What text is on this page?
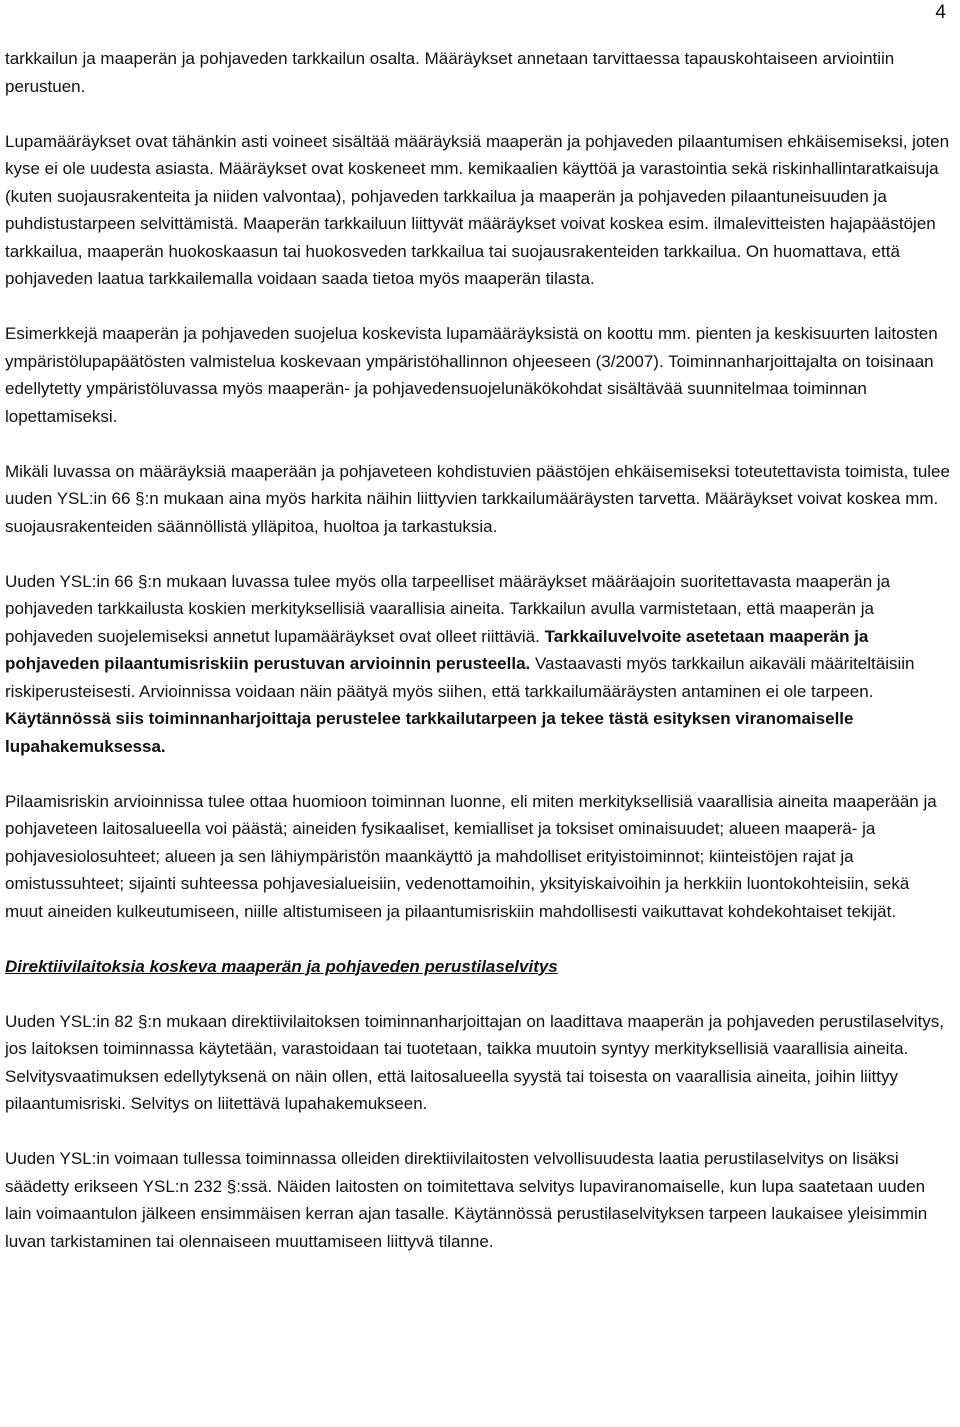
4

tarkkailun ja maaperän ja pohjaveden tarkkailun osalta. Määräykset annetaan tarvittaessa tapauskohtaiseen arviointiin perustuen.

Lupamääräykset ovat tähänkin asti voineet sisältää määräyksiä maaperän ja pohjaveden pilaantumisen ehkäisemiseksi, joten kyse ei ole uudesta asiasta. Määräykset ovat koskeneet mm. kemikaalien käyttöä ja varastointia sekä riskinhallintaratkaisuja (kuten suojausrakenteita ja niiden valvontaa), pohjaveden tarkkailua ja maaperän ja pohjaveden pilaantuneisuuden ja puhdistustarpeen selvittämistä. Maaperän tarkkailuun liittyvät määräykset voivat koskea esim. ilmalevitteisten hajapäästöjen tarkkailua, maaperän huokoskaasun tai huokosveden tarkkailua tai suojausrakenteiden tarkkailua. On huomattava, että pohjaveden laatua tarkkailemalla voidaan saada tietoa myös maaperän tilasta.

Esimerkkejä maaperän ja pohjaveden suojelua koskevista lupamääräyksistä on koottu mm. pienten ja keskisuurten laitosten ympäristölupapäätösten valmistelua koskevaan ympäristöhallinnon ohjeeseen (3/2007). Toiminnanharjoittajalta on toisinaan edellytetty ympäristöluvassa myös maaperän- ja pohjavedensuojelunäkökohdat sisältävää suunnitelmaa toiminnan lopettamiseksi.

Mikäli luvassa on määräyksiä maaperään ja pohjaveteen kohdistuvien päästöjen ehkäisemiseksi toteutettavista toimista, tulee uuden YSL:in 66 §:n mukaan aina myös harkita näihin liittyvien tarkkailumääräysten tarvetta. Määräykset voivat koskea mm. suojausrakenteiden säännöllistä ylläpitoa, huoltoa ja tarkastuksia.

Uuden YSL:in 66 §:n mukaan luvassa tulee myös olla tarpeelliset määräykset määräajoin suoritettavasta maaperän ja pohjaveden tarkkailusta koskien merkityksellisiä vaarallisia aineita. Tarkkailun avulla varmistetaan, että maaperän ja pohjaveden suojelemiseksi annetut lupamääräykset ovat olleet riittäviä. Tarkkailuvelvoite asetetaan maaperän ja pohjaveden pilaantumisriskiin perustuvan arvioinnin perusteella. Vastaavasti myös tarkkailun aikaväli määriteltäisiin riskiperusteisesti. Arvioinnissa voidaan näin päätyä myös siihen, että tarkkailumääräysten antaminen ei ole tarpeen. Käytännössä siis toiminnanharjoittaja perustelee tarkkailutarpeen ja tekee tästä esityksen viranomaiselle lupahakemuksessa.

Pilaamisriskin arvioinnissa tulee ottaa huomioon toiminnan luonne, eli miten merkityksellisiä vaarallisia aineita maaperään ja pohjaveteen laitosalueella voi päästä; aineiden fysikaaliset, kemialliset ja toksiset ominaisuudet; alueen maaperä- ja pohjavesiolosuhteet; alueen ja sen lähiympäristön maankäyttö ja mahdolliset erityistoiminnot; kiinteistöjen rajat ja omistussuhteet; sijainti suhteessa pohjavesialueisiin, vedenottamoihin, yksityiskaivoihin ja herkkiin luontokohteisiin, sekä muut aineiden kulkeutumiseen, niille altistumiseen ja pilaantumisriskiin mahdollisesti vaikuttavat kohdekohtaiset tekijät.

Direktiivilaitoksia koskeva maaperän ja pohjaveden perustilaselvitys

Uuden YSL:in 82 §:n mukaan direktiivilaitoksen toiminnanharjoittajan on laadittava maaperän ja pohjaveden perustilaselvitys, jos laitoksen toiminnassa käytetään, varastoidaan tai tuotetaan, taikka muutoin syntyy merkityksellisiä vaarallisia aineita. Selvitysvaatimuksen edellytyksenä on näin ollen, että laitosalueella syystä tai toisesta on vaarallisia aineita, joihin liittyy pilaantumisriski. Selvitys on liitettävä lupahakemukseen.

Uuden YSL:in voimaan tullessa toiminnassa olleiden direktiivilaitosten velvollisuudesta laatia perustilaselvitys on lisäksi säädetty erikseen YSL:n 232 §:ssä. Näiden laitosten on toimitettava selvitys lupaviranomaiselle, kun lupa saatetaan uuden lain voimaantulon jälkeen ensimmäisen kerran ajan tasalle. Käytännössä perustilaselvityksen tarpeen laukaisee yleisimmin luvan tarkistaminen tai olennaiseen muuttamiseen liittyvä tilanne.
